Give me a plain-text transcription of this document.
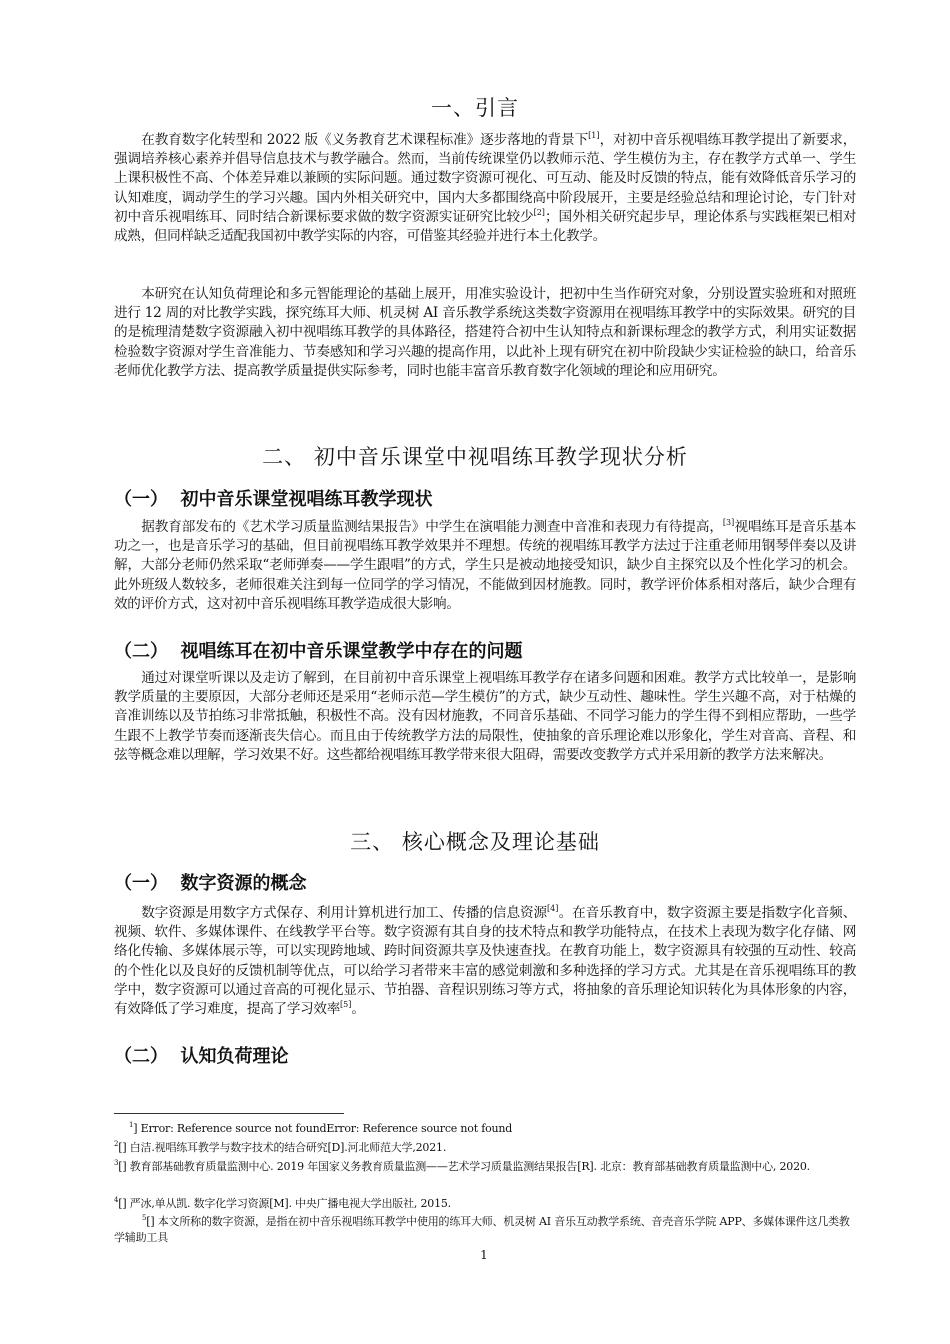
一、引言

在教育数字化转型和 2022 版《义务教育艺术课程标准》逐步落地的背景下[1]，对初中音乐视唱练耳教学提出了新要求，强调培养核心素养并倡导信息技术与教学融合。然而，当前传统课堂仍以教师示范、学生模仿为主，存在教学方式单一、学生上课积极性不高、个体差异难以兼顾的实际问题。通过数字资源可视化、可互动、能及时反馈的特点，能有效降低音乐学习的认知难度，调动学生的学习兴趣。国内外相关研究中，国内大多都围绕高中阶段展开，主要是经验总结和理论讨论，专门针对初中音乐视唱练耳、同时结合新课标要求做的数字资源实证研究比较少[2]；国外相关研究起步早，理论体系与实践框架已相对成熟，但同样缺乏适配我国初中教学实际的内容，可借鉴其经验并进行本土化教学。

本研究在认知负荷理论和多元智能理论的基础上展开，用准实验设计，把初中生当作研究对象，分别设置实验班和对照班进行 12 周的对比教学实践，探究练耳大师、机灵树 AI 音乐教学系统这类数字资源用在视唱练耳教学中的实际效果。研究的目的是梳理清楚数字资源融入初中视唱练耳教学的具体路径，搭建符合初中生认知特点和新课标理念的教学方式，利用实证数据检验数字资源对学生音准能力、节奏感知和学习兴趣的提高作用，以此补上现有研究在初中阶段缺少实证检验的缺口，给音乐老师优化教学方法、提高教学质量提供实际参考，同时也能丰富音乐教育数字化领域的理论和应用研究。

二、 初中音乐课堂中视唱练耳教学现状分析
（一）  初中音乐课堂视唱练耳教学现状

据教育部发布的《艺术学习质量监测结果报告》中学生在演唱能力测查中音准和表现力有待提高，[3]视唱练耳是音乐基本功之一，也是音乐学习的基础，但目前视唱练耳教学效果并不理想。传统的视唱练耳教学方法过于注重老师用钢琴伴奏以及讲解，大部分老师仍然采取“老师弹奏——学生跟唱”的方式，学生只是被动地接受知识，缺少自主探究以及个性化学习的机会。此外班级人数较多，老师很难关注到每一位同学的学习情况，不能做到因材施教。同时，教学评价体系相对落后，缺少合理有效的评价方式，这对初中音乐视唱练耳教学造成很大影响。

（二）  视唱练耳在初中音乐课堂教学中存在的问题

通过对课堂听课以及走访了解到，在目前初中音乐课堂上视唱练耳教学存在诸多问题和困难。教学方式比较单一，是影响教学质量的主要原因，大部分老师还是采用“老师示范—学生模仿”的方式，缺少互动性、趣味性。学生兴趣不高，对于枯燥的音准训练以及节拍练习非常抵触，积极性不高。没有因材施教，不同音乐基础、不同学习能力的学生得不到相应帮助，一些学生跟不上教学节奏而逐渐丧失信心。而且由于传统教学方法的局限性，使抽象的音乐理论难以形象化，学生对音高、音程、和弦等概念难以理解，学习效果不好。这些都给视唱练耳教学带来很大阻碍，需要改变教学方式并采用新的教学方法来解决。

三、 核心概念及理论基础
（一）  数字资源的概念

数字资源是用数字方式保存、利用计算机进行加工、传播的信息资源[4]。在音乐教育中，数字资源主要是指数字化音频、视频、软件、多媒体课件、在线教学平台等。数字资源有其自身的技术特点和教学功能特点，在技术上表现为数字化存储、网络化传输、多媒体展示等，可以实现跨地域、跨时间资源共享及快速查找。在教育功能上，数字资源具有较强的互动性、较高的个性化以及良好的反馈机制等优点，可以给学习者带来丰富的感觉刺激和多种选择的学习方式。尤其是在音乐视唱练耳的教学中，数字资源可以通过音高的可视化显示、节拍器、音程识别练习等方式，将抽象的音乐理论知识转化为具体形象的内容，有效降低了学习难度，提高了学习效率[5]。

（二）  认知负荷理论

$^1$] Error: Reference source not foundError: Reference source not found

$^2$[] 白洁.视唱练耳教学与数字技术的结合研究[D].河北师范大学,2021.

$^3$[] 教育部基础教育质量监测中心. 2019 年国家义务教育质量监测——艺术学习质量监测结果报告[R]. 北京：教育部基础教育质量监测中心, 2020.

$^4$[] 严冰,单从凯. 数字化学习资源[M]. 中央广播电视大学出版社, 2015.

$^5$[] 本文所称的数字资源，是指在初中音乐视唱练耳教学中使用的练耳大师、机灵树 AI 音乐互动教学系统、音壳音乐学院 APP、多媒体课件这几类教学辅助工具

1
